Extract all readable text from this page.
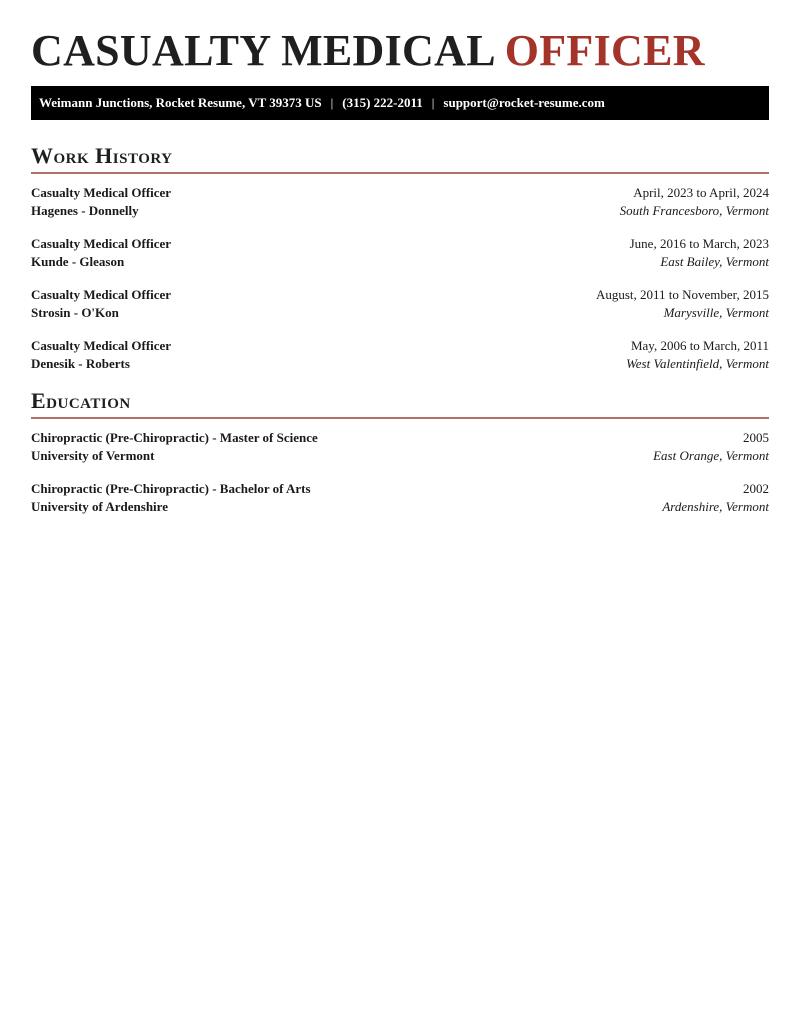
CASUALTY MEDICAL OFFICER
Weimann Junctions, Rocket Resume, VT 39373 US | (315) 222-2011 | support@rocket-resume.com
Work History
Casualty Medical Officer	April, 2023 to April, 2024
Hagenes - Donnelly	South Francesboro, Vermont
Casualty Medical Officer	June, 2016 to March, 2023
Kunde - Gleason	East Bailey, Vermont
Casualty Medical Officer	August, 2011 to November, 2015
Strosin - O'Kon	Marysville, Vermont
Casualty Medical Officer	May, 2006 to March, 2011
Denesik - Roberts	West Valentinfield, Vermont
Education
Chiropractic (Pre-Chiropractic) - Master of Science	2005
University of Vermont	East Orange, Vermont
Chiropractic (Pre-Chiropractic) - Bachelor of Arts	2002
University of Ardenshire	Ardenshire, Vermont
